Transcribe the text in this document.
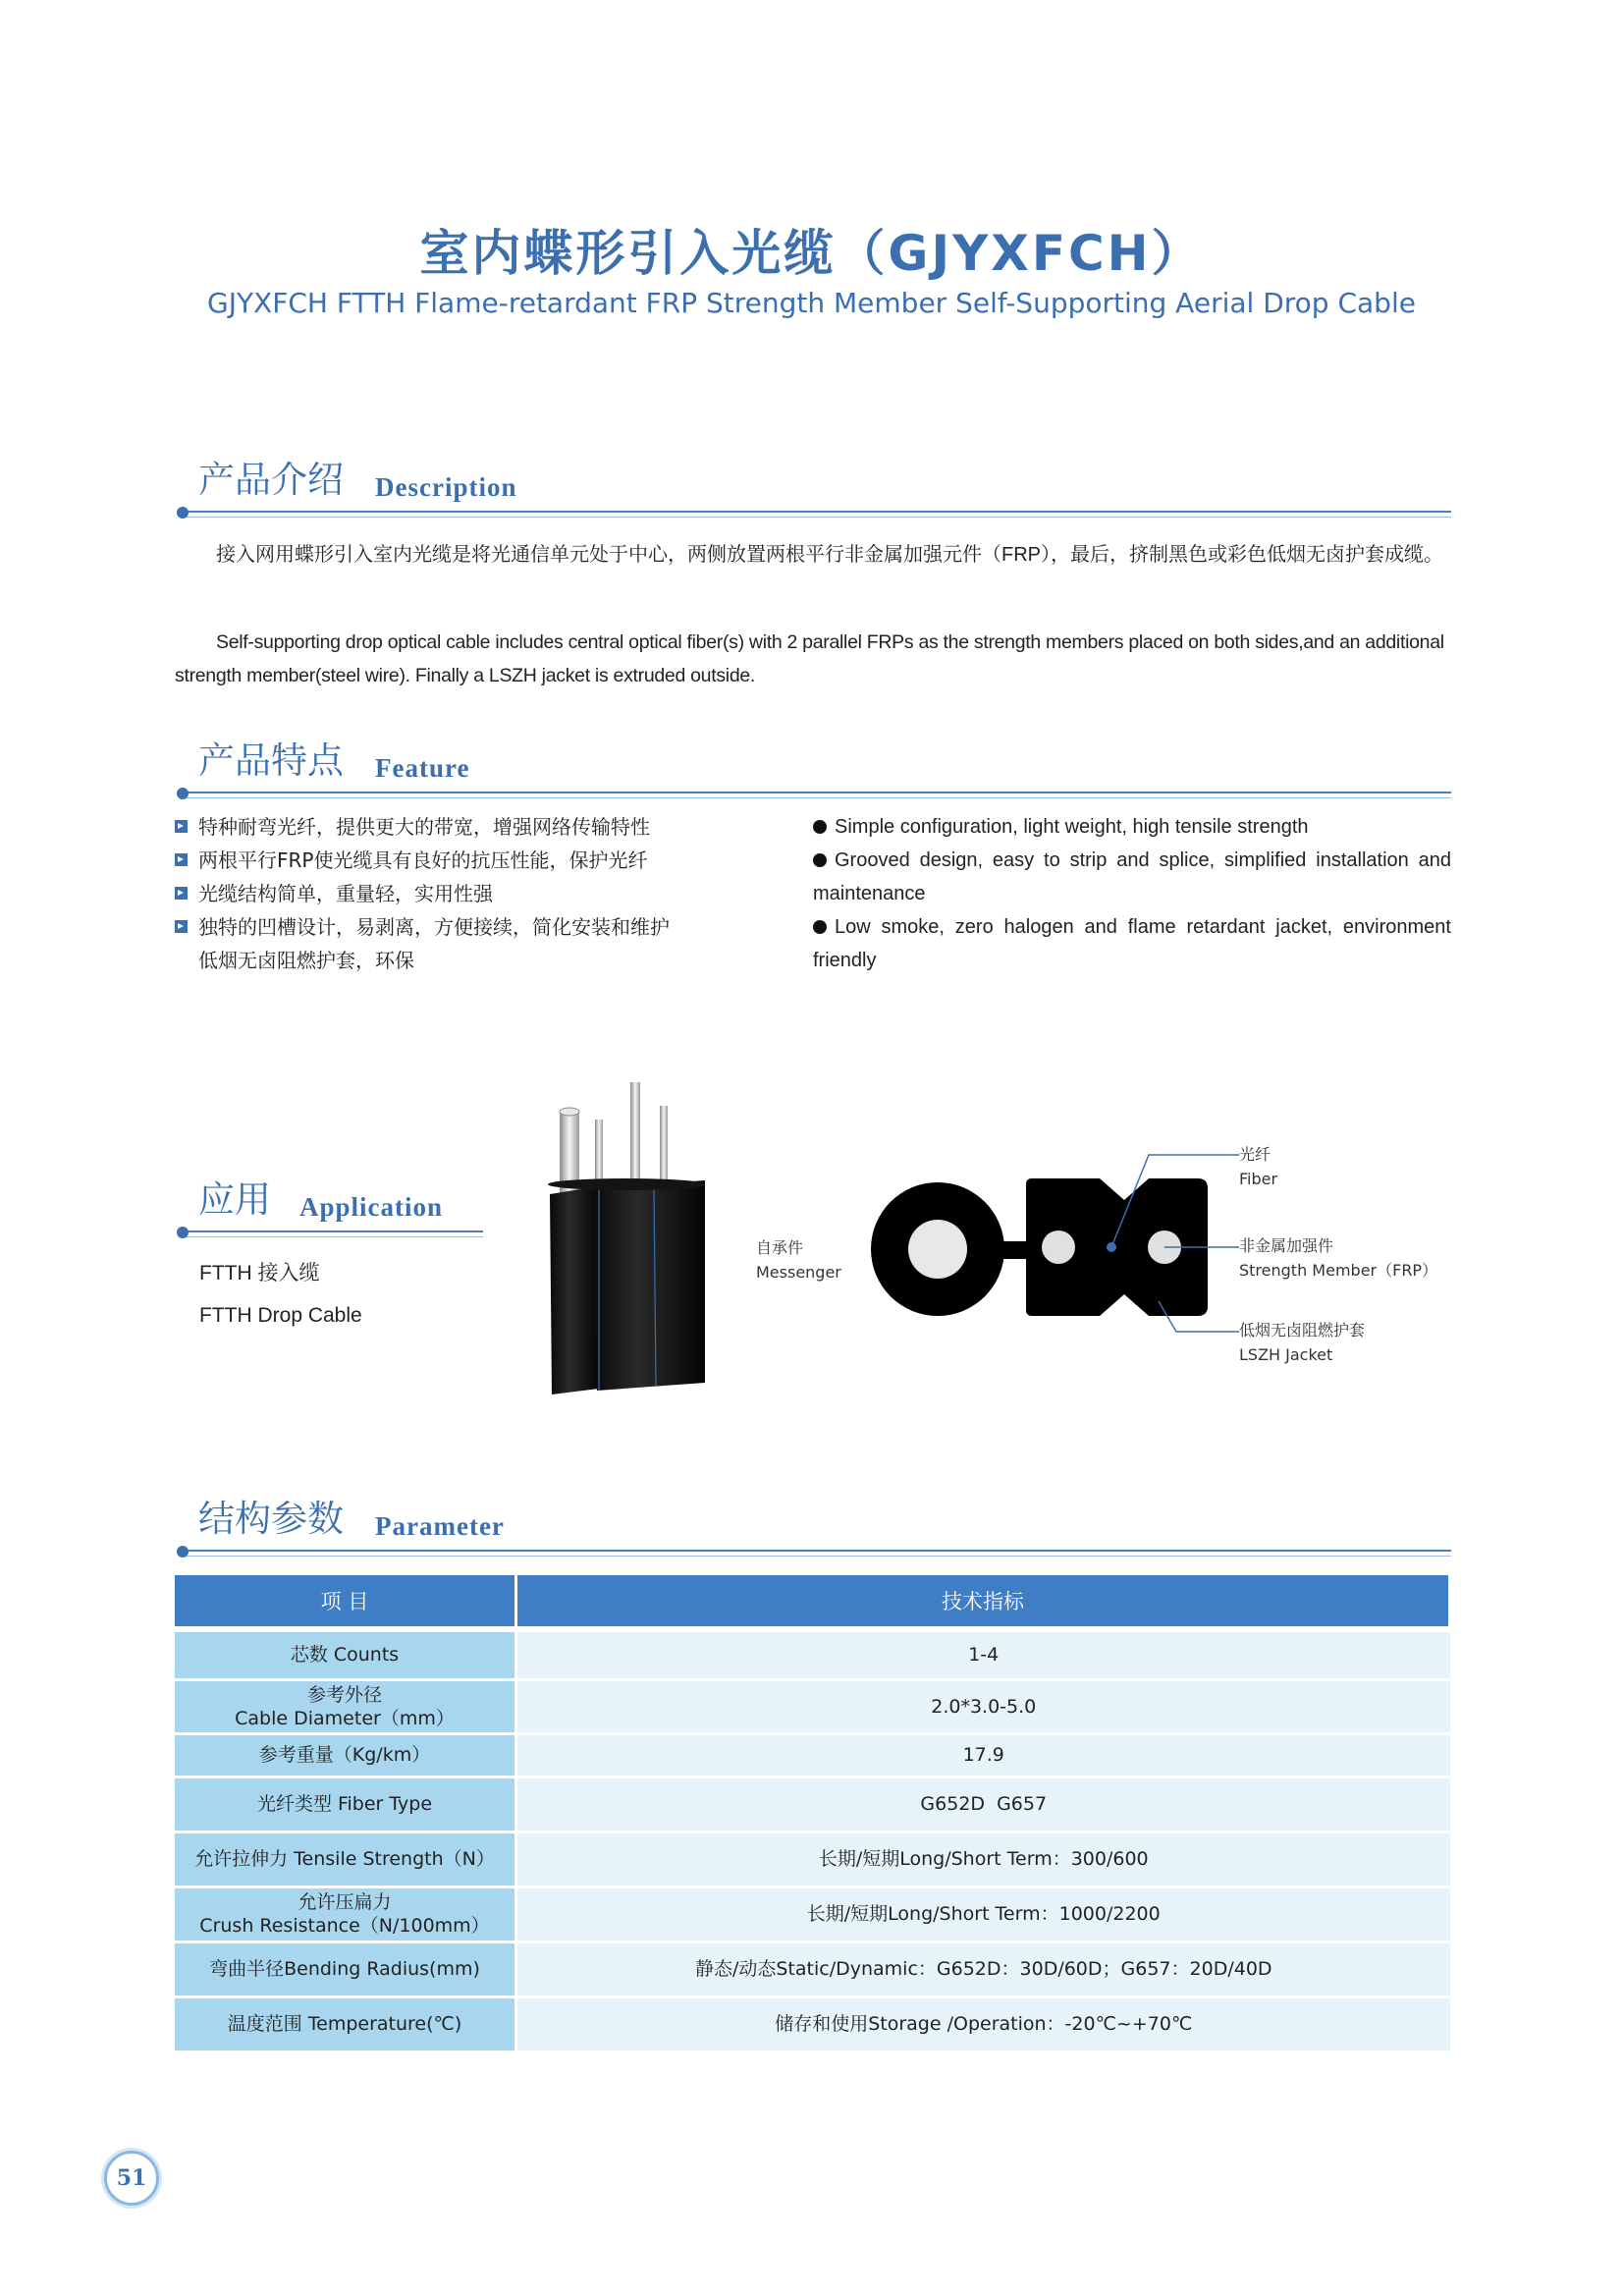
室内蝶形引入光缆（GJYXFCH）
GJYXFCH FTTH Flame-retardant FRP Strength Member Self-Supporting Aerial Drop Cable
产品介绍 Description
接入网用蝶形引入室内光缆是将光通信单元处于中心，两侧放置两根平行非金属加强元件（FRP），最后，挤制黑色或彩色低烟无卤护套成缆。
Self-supporting drop optical cable includes central optical fiber(s) with 2 parallel FRPs as the strength members placed on both sides,and an additional strength member(steel wire). Finally a LSZH jacket is extruded outside.
产品特点 Feature
特种耐弯光纤，提供更大的带宽，增强网络传输特性
两根平行FRP使光缆具有良好的抗压性能，保护光纤
光缆结构简单，重量轻，实用性强
独特的凹槽设计，易剥离，方便接续，简化安装和维护
低烟无卤阻燃护套，环保
Simple configuration, light weight, high tensile strength
Grooved design, easy to strip and splice, simplified installation and maintenance
Low smoke, zero halogen and flame retardant jacket, environment friendly
应用 Application
FTTH 接入缆
FTTH Drop Cable
自承件
Messenger
光纤
Fiber
非金属加强件
Strength Member（FRP）
低烟无卤阻燃护套
LSZH Jacket
结构参数 Parameter
项 目	技术指标

芯数 Counts	1-4

参考外径
Cable Diameter（mm）	2.0*3.0-5.0
参考重量（Kg/km）	17.9
光纤类型 Fiber Type	G652D G657
允许拉伸力 Tensile Strength（N）	长期/短期Long/Short Term：300/600

允许压扁力
Crush Resistance（N/100mm）	长期/短期Long/Short Term：1000/2200
弯曲半径Bending Radius(mm)	静态/动态Static/Dynamic：G652D：30D/60D；G657：20D/40D
温度范围 Temperature(℃)	储存和使用Storage /Operation：-20℃~+70℃
51
